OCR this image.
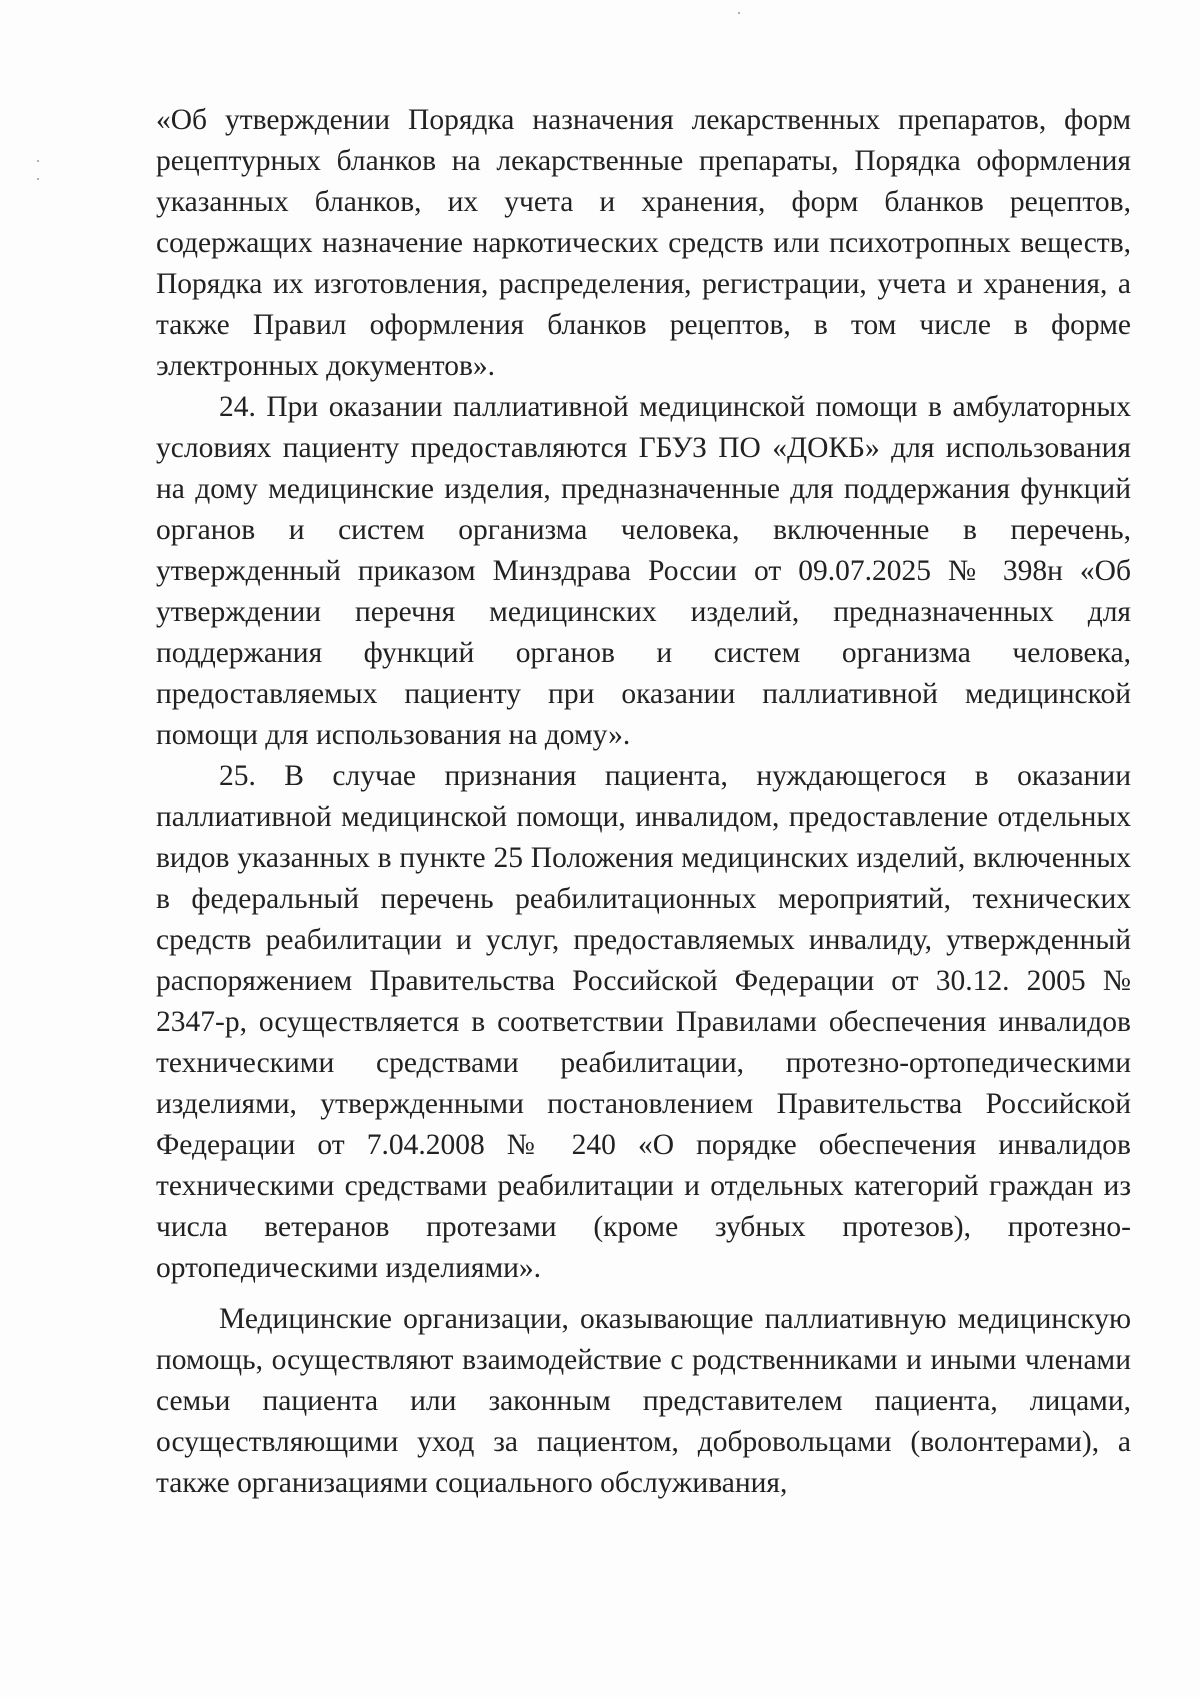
«Об утверждении Порядка назначения лекарственных препаратов, форм рецептурных бланков на лекарственные препараты, Порядка оформления указанных бланков, их учета и хранения, форм бланков рецептов, содержащих назначение наркотических средств или психотропных веществ, Порядка их изготовления, распределения, регистрации, учета и хранения, а также Правил оформления бланков рецептов, в том числе в форме электронных документов».

24. При оказании паллиативной медицинской помощи в амбулаторных условиях пациенту предоставляются ГБУЗ ПО «ДОКБ» для использования на дому медицинские изделия, предназначенные для поддержания функций органов и систем организма человека, включенные в перечень, утвержденный приказом Минздрава России от 09.07.2025 № 398н «Об утверждении перечня медицинских изделий, предназначенных для поддержания функций органов и систем организма человека, предоставляемых пациенту при оказании паллиативной медицинской помощи для использования на дому».

25. В случае признания пациента, нуждающегося в оказании паллиативной медицинской помощи, инвалидом, предоставление отдельных видов указанных в пункте 25 Положения медицинских изделий, включенных в федеральный перечень реабилитационных мероприятий, технических средств реабилитации и услуг, предоставляемых инвалиду, утвержденный распоряжением Правительства Российской Федерации от 30.12. 2005 № 2347-р, осуществляется в соответствии Правилами обеспечения инвалидов техническими средствами реабилитации, протезно-ортопедическими изделиями, утвержденными постановлением Правительства Российской Федерации от 7.04.2008 № 240 «О порядке обеспечения инвалидов техническими средствами реабилитации и отдельных категорий граждан из числа ветеранов протезами (кроме зубных протезов), протезно-ортопедическими изделиями».

Медицинские организации, оказывающие паллиативную медицинскую помощь, осуществляют взаимодействие с родственниками и иными членами семьи пациента или законным представителем пациента, лицами, осуществляющими уход за пациентом, добровольцами (волонтерами), а также организациями социального обслуживания,
